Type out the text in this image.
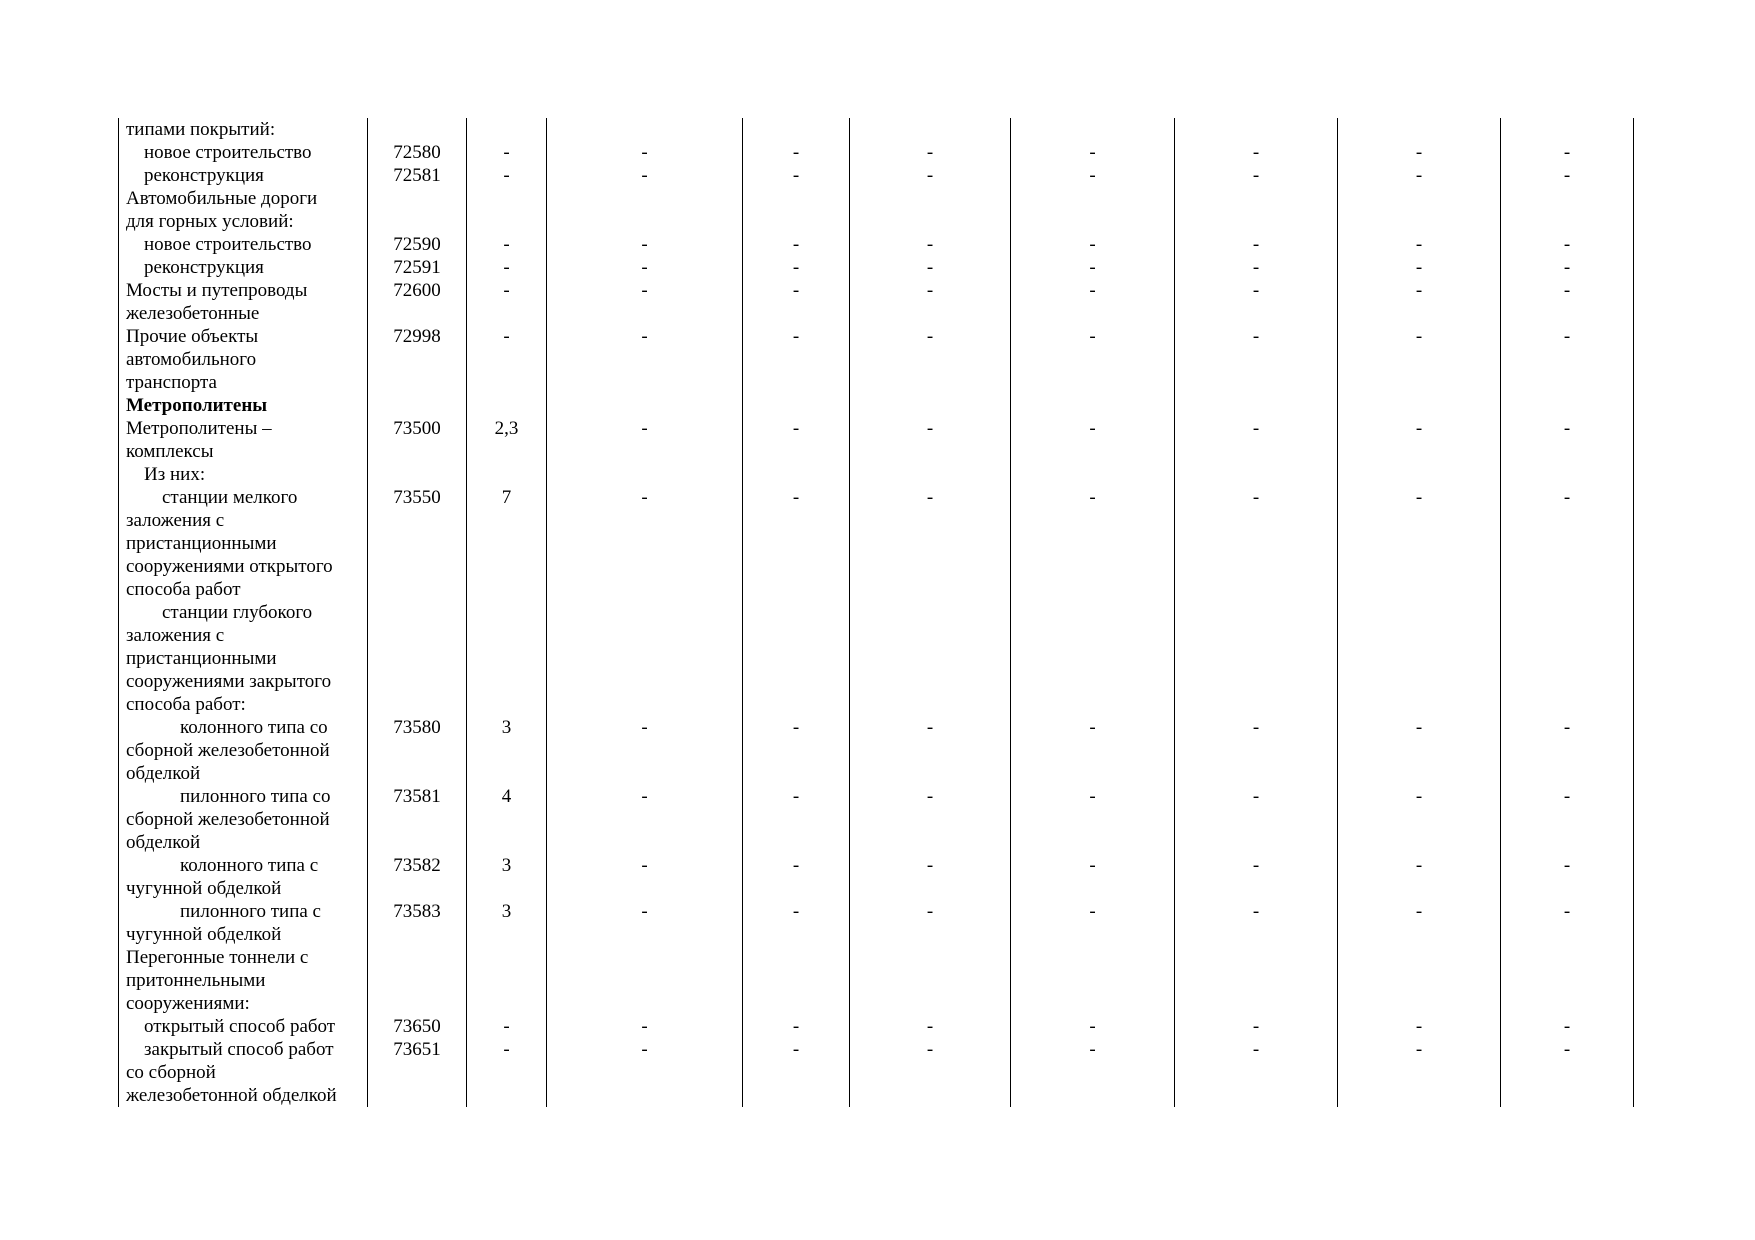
типами покрытий:									

новое строительство	72580	-	-	-	-	-	-	-	-

реконструкция	72581	-	-	-	-	-	-	-	-

Автомобильные дороги
для горных условий:									

новое строительство	72590	-	-	-	-	-	-	-	-

реконструкция	72591	-	-	-	-	-	-	-	-

Мосты и путепроводы
железобетонные	72600	-	-	-	-	-	-	-	-

Прочие объекты
автомобильного
транспорта	72998	-	-	-	-	-	-	-	-

Метрополитены									

Метрополитены –
комплексы	73500	2,3	-	-	-	-	-	-	-

Из них:									

станции мелкого
заложения с
пристанционными
сооружениями открытого
способа работ	73550	7	-	-	-	-	-	-	-

станции глубокого
заложения с
пристанционными
сооружениями закрытого
способа работ:									

колонного типа со
сборной железобетонной
обделкой	73580	3	-	-	-	-	-	-	-

пилонного типа со
сборной железобетонной
обделкой	73581	4	-	-	-	-	-	-	-

колонного типа с
чугунной обделкой	73582	3	-	-	-	-	-	-	-

пилонного типа с
чугунной обделкой	73583	3	-	-	-	-	-	-	-

Перегонные тоннели с
притоннельными
сооружениями:									

открытый способ работ	73650	-	-	-	-	-	-	-	-

закрытый способ работ
со сборной
железобетонной обделкой	73651	-	-	-	-	-	-	-	-
